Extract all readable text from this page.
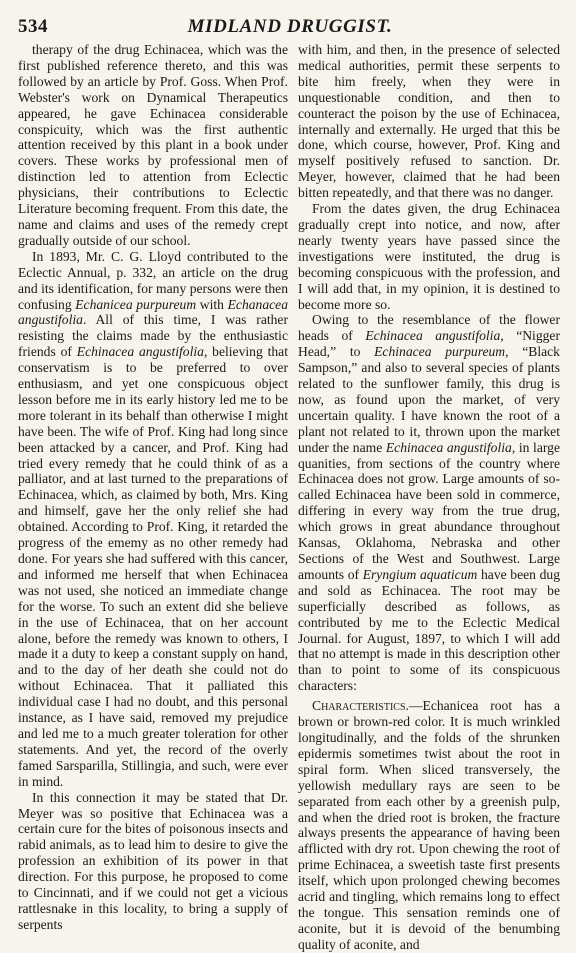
534	MIDLAND DRUGGIST.

therapy of the drug Echinacea, which was the first published reference thereto, and this was followed by an article by Prof. Goss. When Prof. Webster's work on Dynamical Therapeutics appeared, he gave Echinacea considerable conspicuity, which was the first authentic attention received by this plant in a book under covers. These works by professional men of distinction led to attention from Eclectic physicians, their contributions to Eclectic Literature becoming frequent. From this date, the name and claims and uses of the remedy crept gradually outside of our school.

In 1893, Mr. C. G. Lloyd contributed to the Eclectic Annual, p. 332, an article on the drug and its identification, for many persons were then confusing Echanicea purpureum with Echanacea angustifolia. All of this time, I was rather resisting the claims made by the enthusiastic friends of Echinacea angustifolia, believing that conservatism is to be preferred to over enthusiasm, and yet one conspicuous object lesson before me in its early history led me to be more tolerant in its behalf than otherwise I might have been. The wife of Prof. King had long since been attacked by a cancer, and Prof. King had tried every remedy that he could think of as a palliator, and at last turned to the preparations of Echinacea, which, as claimed by both, Mrs. King and himself, gave her the only relief she had obtained. According to Prof. King, it retarded the progress of the ememy as no other remedy had done. For years she had suffered with this cancer, and informed me herself that when Echinacea was not used, she noticed an immediate change for the worse. To such an extent did she believe in the use of Echinacea, that on her account alone, before the remedy was known to others, I made it a duty to keep a constant supply on hand, and to the day of her death she could not do without Echinacea. That it palliated this individual case I had no doubt, and this personal instance, as I have said, removed my prejudice and led me to a much greater toleration for other statements. And yet, the record of the overly famed Sarsparilla, Stillingia, and such, were ever in mind.

In this connection it may be stated that Dr. Meyer was so positive that Echinacea was a certain cure for the bites of poisonous insects and rabid animals, as to lead him to desire to give the profession an exhibition of its power in that direction. For this purpose, he proposed to come to Cincinnati, and if we could not get a vicious rattlesnake in this locality, to bring a supply of serpents

with him, and then, in the presence of selected medical authorities, permit these serpents to bite him freely, when they were in unquestionable condition, and then to counteract the poison by the use of Echinacea, internally and externally. He urged that this be done, which course, however, Prof. King and myself positively refused to sanction. Dr. Meyer, however, claimed that he had been bitten repeatedly, and that there was no danger.

From the dates given, the drug Echinacea gradually crept into notice, and now, after nearly twenty years have passed since the investigations were instituted, the drug is becoming conspicuous with the profession, and I will add that, in my opinion, it is destined to become more so.

Owing to the resemblance of the flower heads of Echinacea angustifolia, “Nigger Head,” to Echinacea purpureum, “Black Sampson,” and also to several species of plants related to the sunflower family, this drug is now, as found upon the market, of very uncertain quality. I have known the root of a plant not related to it, thrown upon the market under the name Echinacea angustifolia, in large quanities, from sections of the country where Echinacea does not grow. Large amounts of so-called Echinacea have been sold in commerce, differing in every way from the true drug, which grows in great abundance throughout Kansas, Oklahoma, Nebraska and other Sections of the West and Southwest. Large amounts of Eryngium aquaticum have been dug and sold as Echinacea. The root may be superficially described as follows, as contributed by me to the Eclectic Medical Journal. for August, 1897, to which I will add that no attempt is made in this description other than to point to some of its conspicuous characters:

Characteristics.—Echanicea root has a brown or brown-red color. It is much wrinkled longitudinally, and the folds of the shrunken epidermis sometimes twist about the root in spiral form. When sliced transversely, the yellowish medullary rays are seen to be separated from each other by a greenish pulp, and when the dried root is broken, the fracture always presents the appearance of having been afflicted with dry rot. Upon chewing the root of prime Echinacea, a sweetish taste first presents itself, which upon prolonged chewing becomes acrid and tingling, which remains long to effect the tongue. This sensation reminds one of aconite, but it is devoid of the benumbing quality of aconite, and
